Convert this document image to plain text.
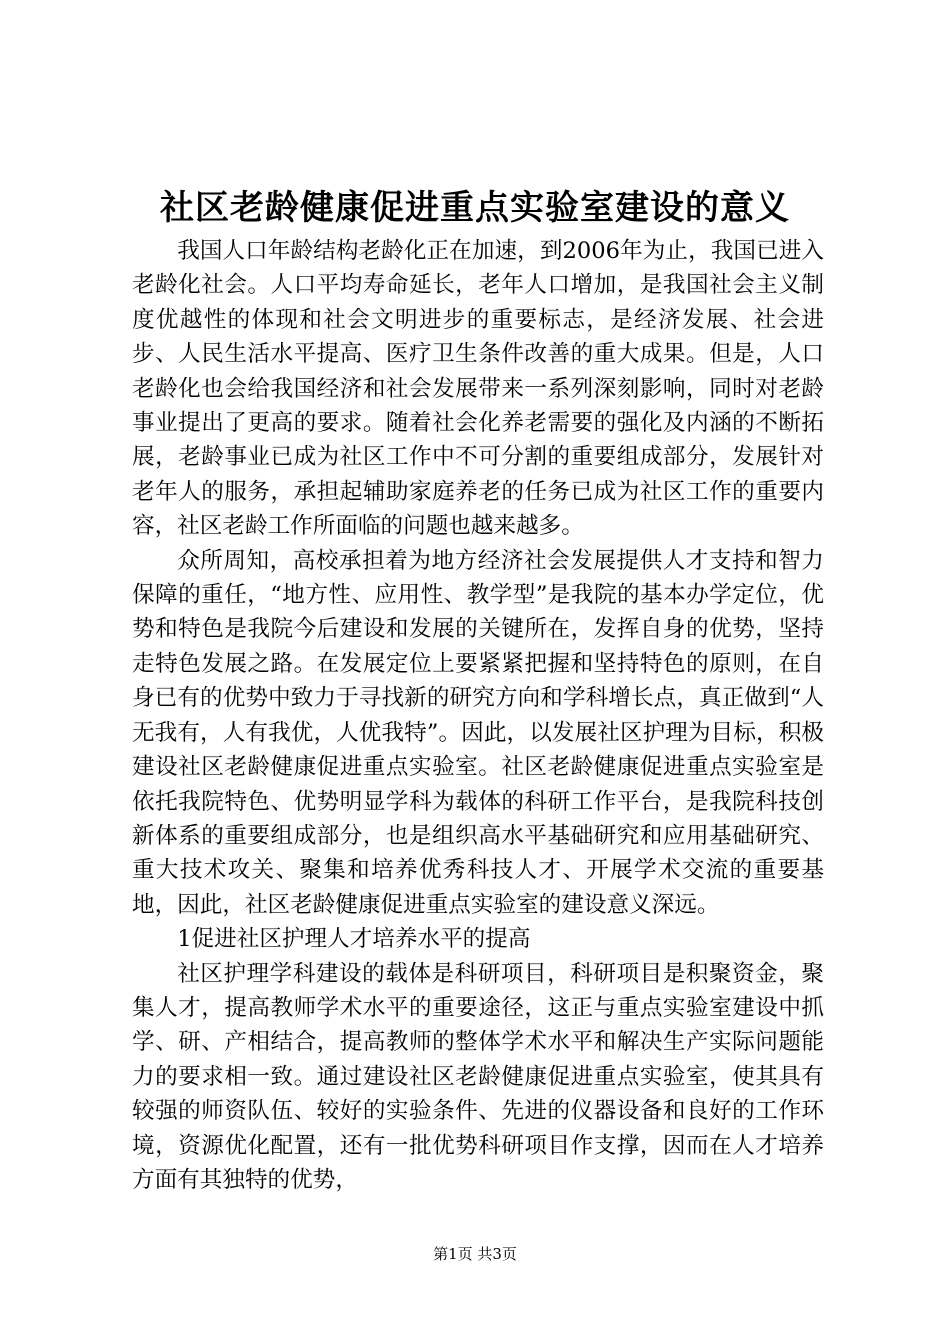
社区老龄健康促进重点实验室建设的意义

我国人口年龄结构老龄化正在加速，到2006年为止，我国已进入老龄化社会。人口平均寿命延长，老年人口增加，是我国社会主义制度优越性的体现和社会文明进步的重要标志，是经济发展、社会进步、人民生活水平提高、医疗卫生条件改善的重大成果。但是，人口老龄化也会给我国经济和社会发展带来一系列深刻影响，同时对老龄事业提出了更高的要求。随着社会化养老需要的强化及内涵的不断拓展，老龄事业已成为社区工作中不可分割的重要组成部分，发展针对老年人的服务，承担起辅助家庭养老的任务已成为社区工作的重要内容，社区老龄工作所面临的问题也越来越多。

众所周知，高校承担着为地方经济社会发展提供人才支持和智力保障的重任，“地方性、应用性、教学型”是我院的基本办学定位，优势和特色是我院今后建设和发展的关键所在，发挥自身的优势，坚持走特色发展之路。在发展定位上要紧紧把握和坚持特色的原则，在自身已有的优势中致力于寻找新的研究方向和学科增长点，真正做到“人无我有，人有我优，人优我特”。因此，以发展社区护理为目标，积极建设社区老龄健康促进重点实验室。社区老龄健康促进重点实验室是依托我院特色、优势明显学科为载体的科研工作平台，是我院科技创新体系的重要组成部分，也是组织高水平基础研究和应用基础研究、重大技术攻关、聚集和培养优秀科技人才、开展学术交流的重要基地，因此，社区老龄健康促进重点实验室的建设意义深远。

1促进社区护理人才培养水平的提高

社区护理学科建设的载体是科研项目，科研项目是积聚资金，聚集人才，提高教师学术水平的重要途径，这正与重点实验室建设中抓学、研、产相结合，提高教师的整体学术水平和解决生产实际问题能力的要求相一致。通过建设社区老龄健康促进重点实验室，使其具有较强的师资队伍、较好的实验条件、先进的仪器设备和良好的工作环境，资源优化配置，还有一批优势科研项目作支撑，因而在人才培养方面有其独特的优势，

第1页 共3页
